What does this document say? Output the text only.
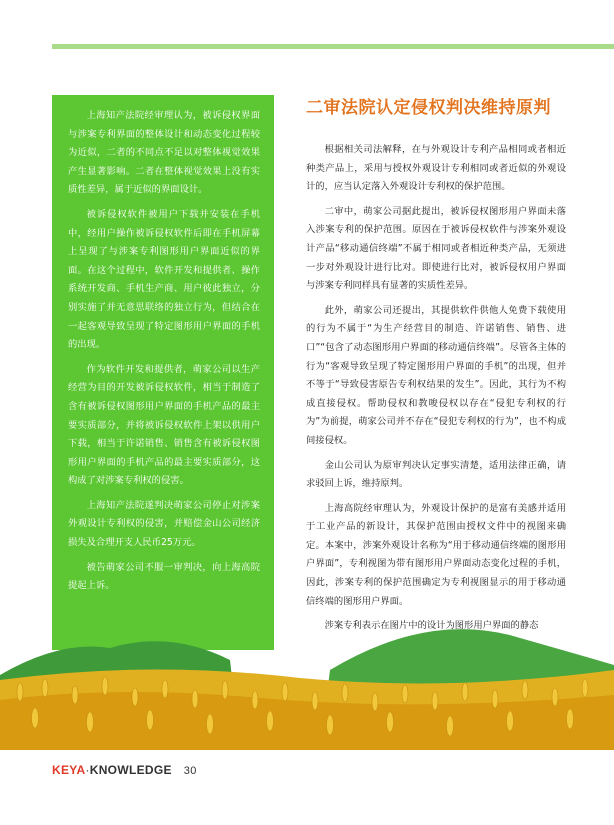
上海知产法院经审理认为，被诉侵权界面与涉案专利界面的整体设计和动态变化过程较为近似，二者的不同点不足以对整体视觉效果产生显著影响。二者在整体视觉效果上没有实质性差异，属于近似的界面设计。

被诉侵权软件被用户下载并安装在手机中，经用户操作被诉侵权软件后即在手机屏幕上呈现了与涉案专利图形用户界面近似的界面。在这个过程中，软件开发和提供者、操作系统开发商、手机生产商、用户彼此独立，分别实施了并无意思联络的独立行为，但结合在一起客观导致呈现了特定图形用户界面的手机的出现。

作为软件开发和提供者，萌家公司以生产经营为目的开发被诉侵权软件，相当于制造了含有被诉侵权图形用户界面的手机产品的最主要实质部分，并将被诉侵权软件上架以供用户下载，相当于许诺销售、销售含有被诉侵权图形用户界面的手机产品的最主要实质部分，这构成了对涉案专利权的侵害。

上海知产法院遂判决萌家公司停止对涉案外观设计专利权的侵害，并赔偿金山公司经济损失及合理开支人民币25万元。

被告萌家公司不服一审判决，向上海高院提起上诉。

二审法院认定侵权判决维持原判

根据相关司法解释，在与外观设计专利产品相同或者相近种类产品上，采用与授权外观设计专利相同或者近似的外观设计的，应当认定落入外观设计专利权的保护范围。

二审中，萌家公司据此提出，被诉侵权图形用户界面未落入涉案专利的保护范围。原因在于被诉侵权软件与涉案外观设计产品“移动通信终端”不属于相同或者相近种类产品，无须进一步对外观设计进行比对。即使进行比对，被诉侵权用户界面与涉案专利同样具有显著的实质性差异。

此外，萌家公司还提出，其提供软件供他人免费下载使用的行为不属于“为生产经营目的制造、许诺销售、销售、进口”“包含了动态图形用户界面的移动通信终端”。尽管各主体的行为“客观导致呈现了特定图形用户界面的手机”的出现，但并不等于“导致侵害原告专利权结果的发生”。因此，其行为不构成直接侵权。帮助侵权和教唆侵权以存在“侵犯专利权的行为”为前提，萌家公司并不存在“侵犯专利权的行为”，也不构成间接侵权。

金山公司认为原审判决认定事实清楚，适用法律正确，请求驳回上诉，维持原判。

上海高院经审理认为，外观设计保护的是富有美感并适用于工业产品的新设计，其保护范围由授权文件中的视图来确定。本案中，涉案外观设计名称为“用于移动通信终端的图形用户界面”，专利视图为带有图形用户界面动态变化过程的手机，因此，涉案专利的保护范围确定为专利视图显示的用于移动通信终端的图形用户界面。

涉案专利表示在图片中的设计为图形用户界面的静态

KEYA·KNOWLEDGE 30
